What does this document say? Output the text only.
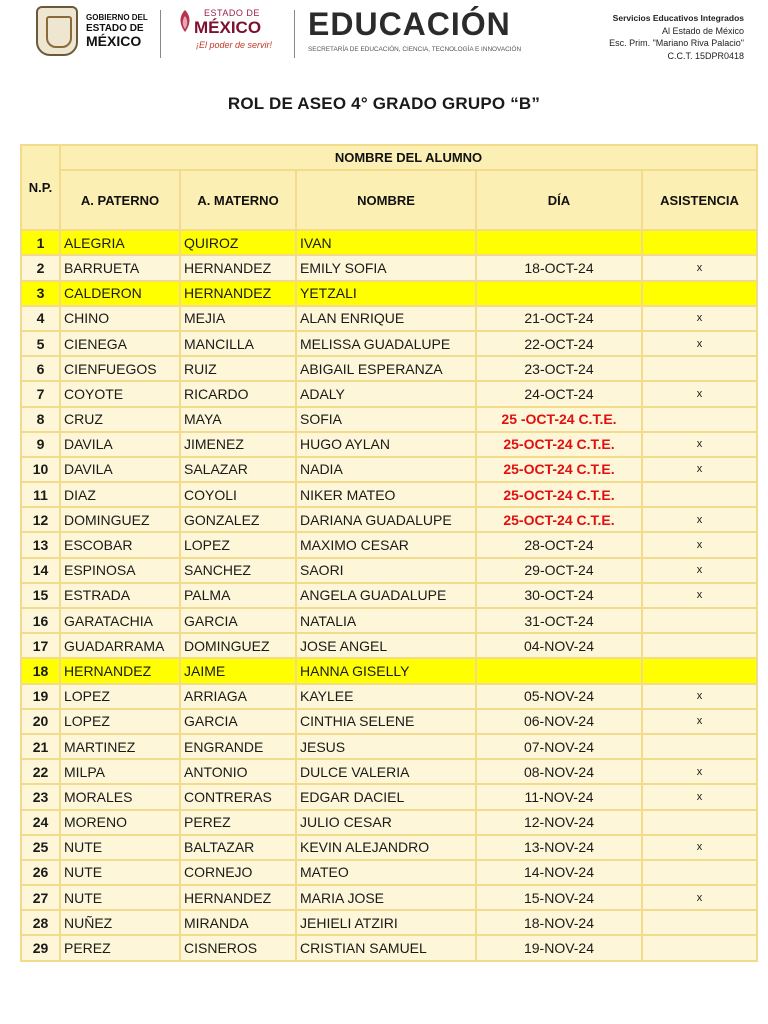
GOBIERNO DEL
ESTADO DE
MÉXICO
ESTADO DE
MÉXICO
¡El poder de servir!
EDUCACIÓN
SECRETARÍA DE EDUCACIÓN, CIENCIA, TECNOLOGÍA E INNOVACIÓN
Servicios Educativos Integrados
Al Estado de México
Esc. Prim. "Mariano Riva Palacio"
C.C.T. 15DPR0418
ROL DE ASEO 4° GRADO GRUPO “B”
N.P.	NOMBRE DEL ALUMNO				
	A. PATERNO	A. MATERNO	NOMBRE	DÍA	ASISTENCIA
1	ALEGRIA	QUIROZ	IVAN		
2	BARRUETA	HERNANDEZ	EMILY SOFIA	18-OCT-24	x
3	CALDERON	HERNANDEZ	YETZALI		
4	CHINO	MEJIA	ALAN ENRIQUE	21-OCT-24	x
5	CIENEGA	MANCILLA	MELISSA GUADALUPE	22-OCT-24	x
6	CIENFUEGOS	RUIZ	ABIGAIL ESPERANZA	23-OCT-24	
7	COYOTE	RICARDO	ADALY	24-OCT-24	x
8	CRUZ	MAYA	SOFIA	25 -OCT-24 C.T.E.	
9	DAVILA	JIMENEZ	HUGO AYLAN	25-OCT-24 C.T.E.	x
10	DAVILA	SALAZAR	NADIA	25-OCT-24 C.T.E.	x
11	DIAZ	COYOLI	NIKER MATEO	25-OCT-24 C.T.E.	
12	DOMINGUEZ	GONZALEZ	DARIANA GUADALUPE	25-OCT-24 C.T.E.	x
13	ESCOBAR	LOPEZ	MAXIMO CESAR	28-OCT-24	x
14	ESPINOSA	SANCHEZ	SAORI	29-OCT-24	x
15	ESTRADA	PALMA	ANGELA GUADALUPE	30-OCT-24	x
16	GARATACHIA	GARCIA	NATALIA	31-OCT-24	
17	GUADARRAMA	DOMINGUEZ	JOSE ANGEL	04-NOV-24	
18	HERNANDEZ	JAIME	HANNA GISELLY		
19	LOPEZ	ARRIAGA	KAYLEE	05-NOV-24	x
20	LOPEZ	GARCIA	CINTHIA SELENE	06-NOV-24	x
21	MARTINEZ	ENGRANDE	JESUS	07-NOV-24	
22	MILPA	ANTONIO	DULCE VALERIA	08-NOV-24	x
23	MORALES	CONTRERAS	EDGAR DACIEL	11-NOV-24	x
24	MORENO	PEREZ	JULIO CESAR	12-NOV-24	
25	NUTE	BALTAZAR	KEVIN ALEJANDRO	13-NOV-24	x
26	NUTE	CORNEJO	MATEO	14-NOV-24	
27	NUTE	HERNANDEZ	MARIA JOSE	15-NOV-24	x
28	NUÑEZ	MIRANDA	JEHIELI ATZIRI	18-NOV-24	
29	PEREZ	CISNEROS	CRISTIAN SAMUEL	19-NOV-24	
